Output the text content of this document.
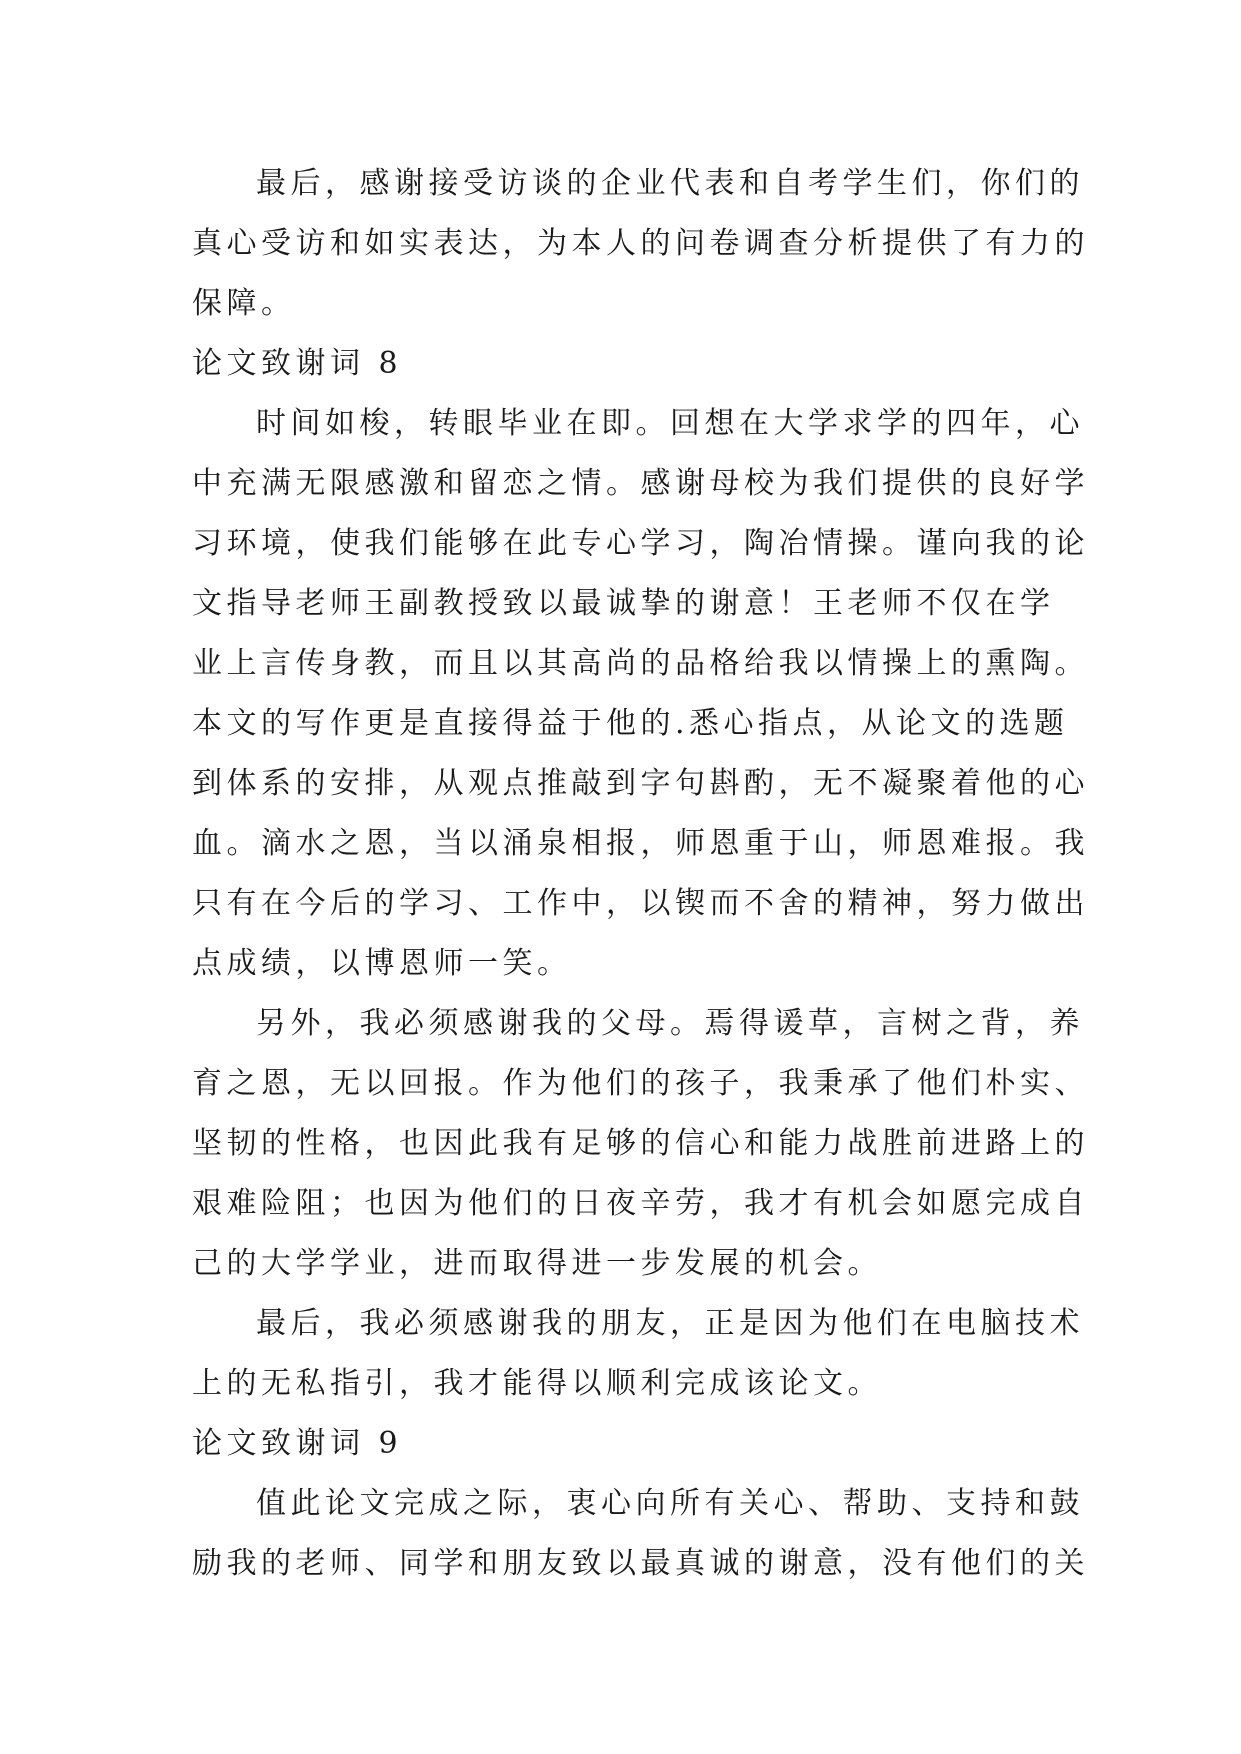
最后，感谢接受访谈的企业代表和自考学生们，你们的
真心受访和如实表达，为本人的问卷调查分析提供了有力的
保障。
论文致谢词 8
时间如梭，转眼毕业在即。回想在大学求学的四年，心
中充满无限感激和留恋之情。感谢母校为我们提供的良好学
习环境，使我们能够在此专心学习，陶冶情操。谨向我的论
文指导老师王副教授致以最诚挚的谢意！王老师不仅在学
业上言传身教，而且以其高尚的品格给我以情操上的熏陶。
本文的写作更是直接得益于他的.悉心指点，从论文的选题
到体系的安排，从观点推敲到字句斟酌，无不凝聚着他的心
血。滴水之恩，当以涌泉相报，师恩重于山，师恩难报。我
只有在今后的学习、工作中，以锲而不舍的精神，努力做出
点成绩，以博恩师一笑。
另外，我必须感谢我的父母。焉得谖草，言树之背，养
育之恩，无以回报。作为他们的孩子，我秉承了他们朴实、
坚韧的性格，也因此我有足够的信心和能力战胜前进路上的
艰难险阻；也因为他们的日夜辛劳，我才有机会如愿完成自
己的大学学业，进而取得进一步发展的机会。
最后，我必须感谢我的朋友，正是因为他们在电脑技术
上的无私指引，我才能得以顺利完成该论文。
论文致谢词 9
值此论文完成之际，衷心向所有关心、帮助、支持和鼓
励我的老师、同学和朋友致以最真诚的谢意，没有他们的关
